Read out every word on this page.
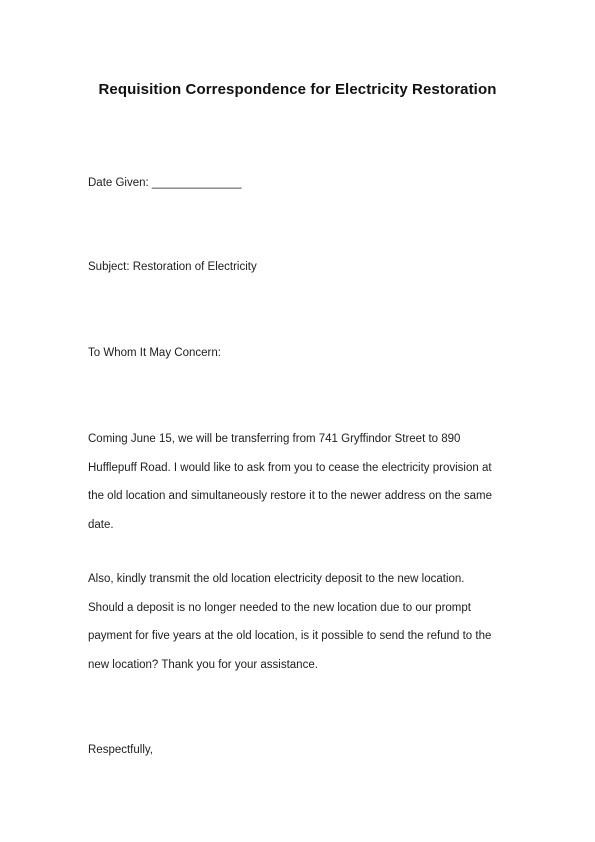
Requisition Correspondence for Electricity Restoration
Date Given: ______________
Subject: Restoration of Electricity
To Whom It May Concern:
Coming June 15, we will be transferring from 741 Gryffindor Street to 890
Hufflepuff Road. I would like to ask from you to cease the electricity provision at
the old location and simultaneously restore it to the newer address on the same
date.
Also, kindly transmit the old location electricity deposit to the new location.
Should a deposit is no longer needed to the new location due to our prompt
payment for five years at the old location, is it possible to send the refund to the
new location? Thank you for your assistance.
Respectfully,
